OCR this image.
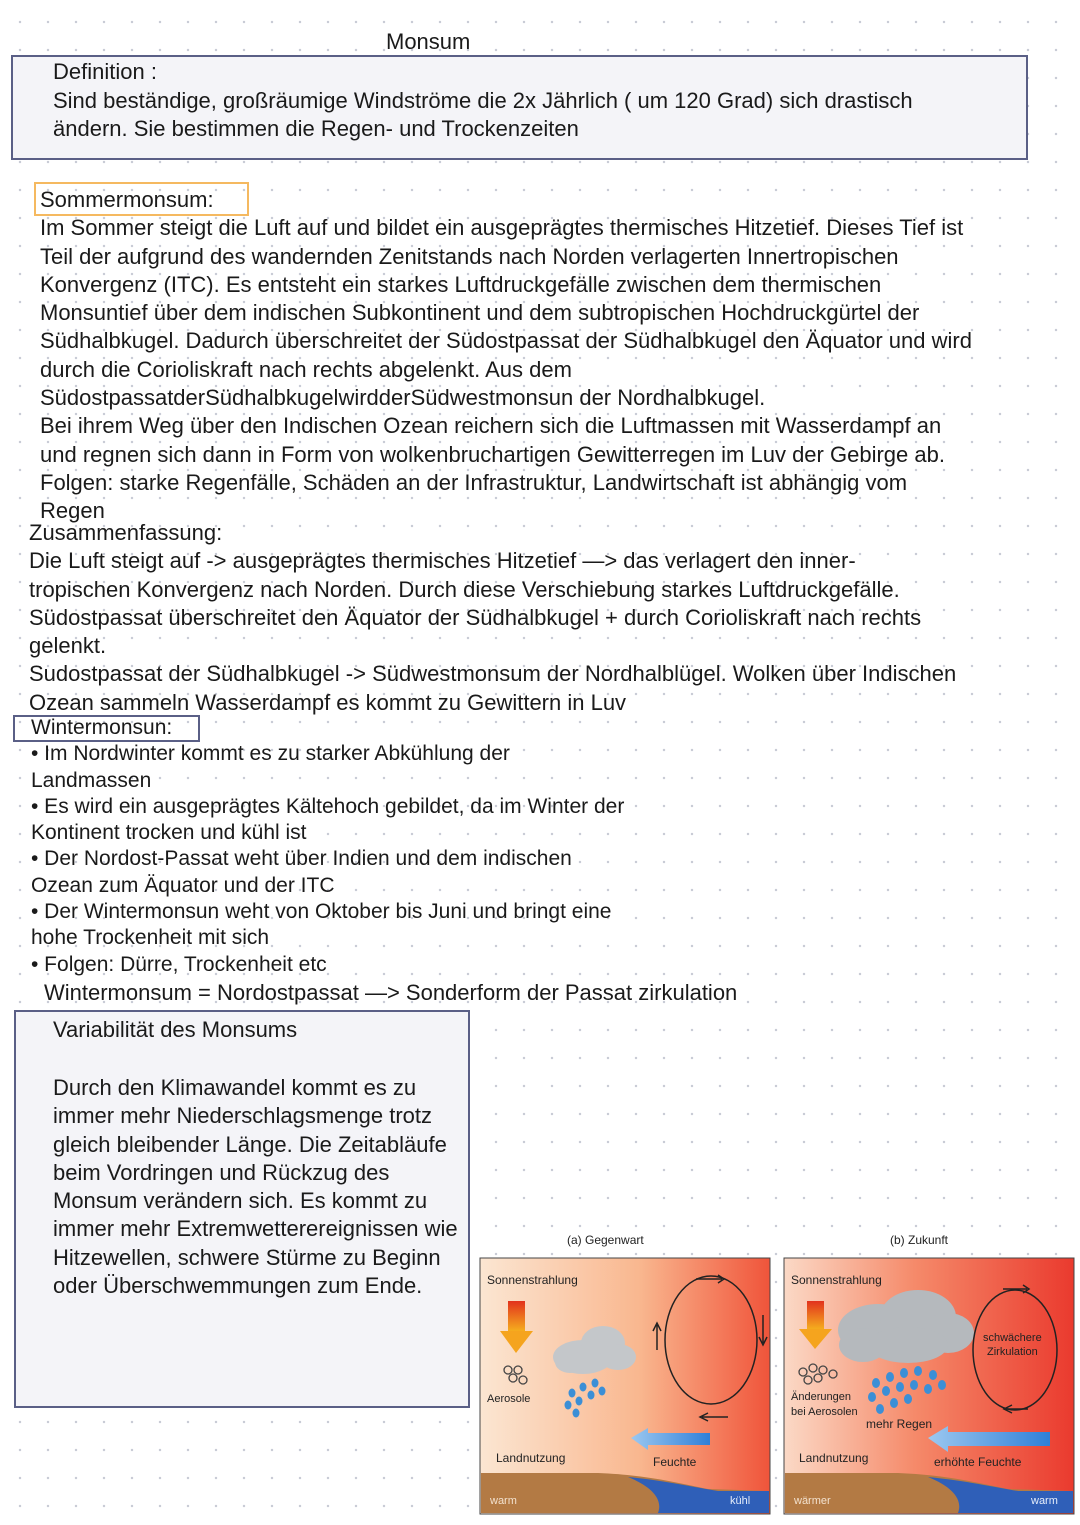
Monsum
Definition :
Sind beständige, großräumige Windströme die 2x Jährlich ( um 120 Grad) sich drastisch
ändern. Sie bestimmen die Regen- und Trockenzeiten
Sommermonsum:
Im Sommer steigt die Luft auf und bildet ein ausgeprägtes thermisches Hitzetief. Dieses Tief ist
Teil der aufgrund des wandernden Zenitstands nach Norden verlagerten Innertropischen
Konvergenz (ITC). Es entsteht ein starkes Luftdruckgefälle zwischen dem thermischen
Monsuntief über dem indischen Subkontinent und dem subtropischen Hochdruckgürtel der
Südhalbkugel. Dadurch überschreitet der Südostpassat der Südhalbkugel den Äquator und wird
durch die Corioliskraft nach rechts abgelenkt. Aus dem
SüdostpassatderSüdhalbkugelwirdderSüdwestmonsun der Nordhalbkugel.
Bei ihrem Weg über den Indischen Ozean reichern sich die Luftmassen mit Wasserdampf an
und regnen sich dann in Form von wolkenbruchartigen Gewitterregen im Luv der Gebirge ab.
Folgen: starke Regenfälle, Schäden an der Infrastruktur, Landwirtschaft ist abhängig vom
Regen
Zusammenfassung:
Die Luft steigt auf -> ausgeprägtes thermisches Hitzetief —> das verlagert den inner-
tropischen Konvergenz nach Norden. Durch diese Verschiebung starkes Luftdruckgefälle.
Südostpassat überschreitet den Äquator der Südhalbkugel + durch Corioliskraft nach rechts
gelenkt.
Sudostpassat der Südhalbkugel -> Südwestmonsum der Nordhalblügel. Wolken über Indischen
Ozean sammeln Wasserdampf es kommt zu Gewittern in Luv
Wintermonsun:
• Im Nordwinter kommt es zu starker Abkühlung der
Landmassen
• Es wird ein ausgeprägtes Kältehoch gebildet, da im Winter der
Kontinent trocken und kühl ist
• Der Nordost-Passat weht über Indien und dem indischen
Ozean zum Äquator und der ITC
• Der Wintermonsun weht von Oktober bis Juni und bringt eine
hohe Trockenheit mit sich
• Folgen: Dürre, Trockenheit etc
Wintermonsum = Nordostpassat —> Sonderform der Passat zirkulation
Variabilität des Monsums
Durch den Klimawandel kommt es zu immer mehr Niederschlagsmenge trotz gleich bleibender Länge. Die Zeitabläufe beim Vordringen und Rückzug des Monsum verändern sich. Es kommt zu immer mehr Extremwetterereignissen wie Hitzewellen, schwere Stürme zu Beginn oder Überschwemmungen zum Ende.
(a) Gegenwart
Sonnenstrahlung
Aerosole
Landnutzung	Feuchte
warm	kühl
(b) Zukunft
Sonnenstrahlung
Änderungen
bei Aerosolen
mehr Regen
schwächere
Zirkulation
Landnutzung	erhöhte Feuchte
wärmer	warm
